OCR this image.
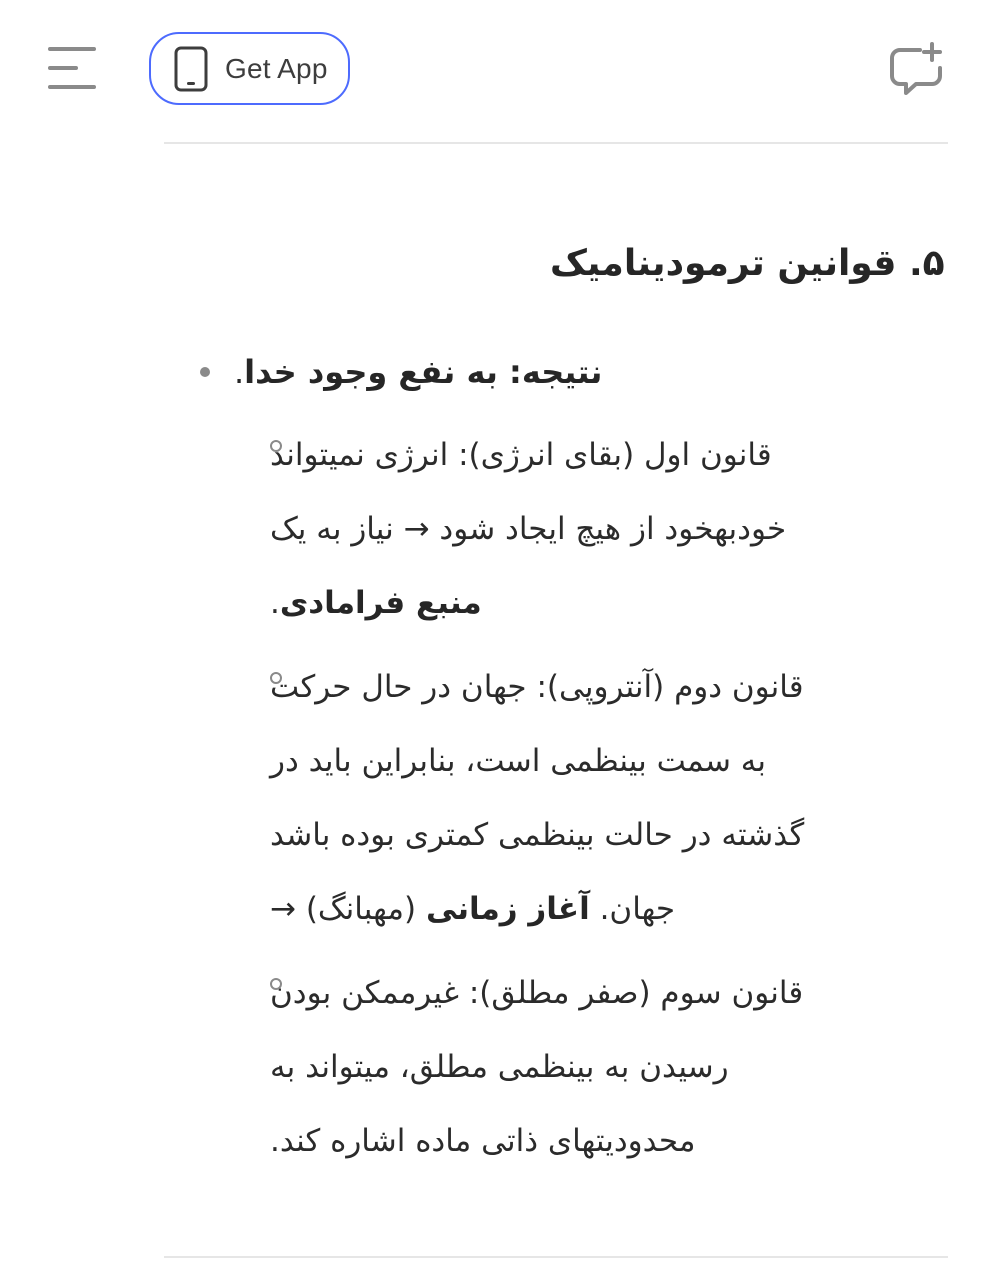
Get App
۵. قوانین ترمودینامیک
نتیجه: به نفع وجود خدا.
قانون اول (بقای انرژی): انرژی نمیتواند
خودبهخود از هیچ ایجاد شود → نیاز به یک
منبع فرامادی.
قانون دوم (آنتروپی): جهان در حال حرکت
به سمت بینظمی است، بنابراین باید در
گذشته در حالت بینظمی کمتری بوده باشد
جهان. آغاز زمانی (مهبانگ) →
قانون سوم (صفر مطلق): غیرممکن بودن
رسیدن به بینظمی مطلق، میتواند به
محدودیتهای ذاتی ماده اشاره کند.
